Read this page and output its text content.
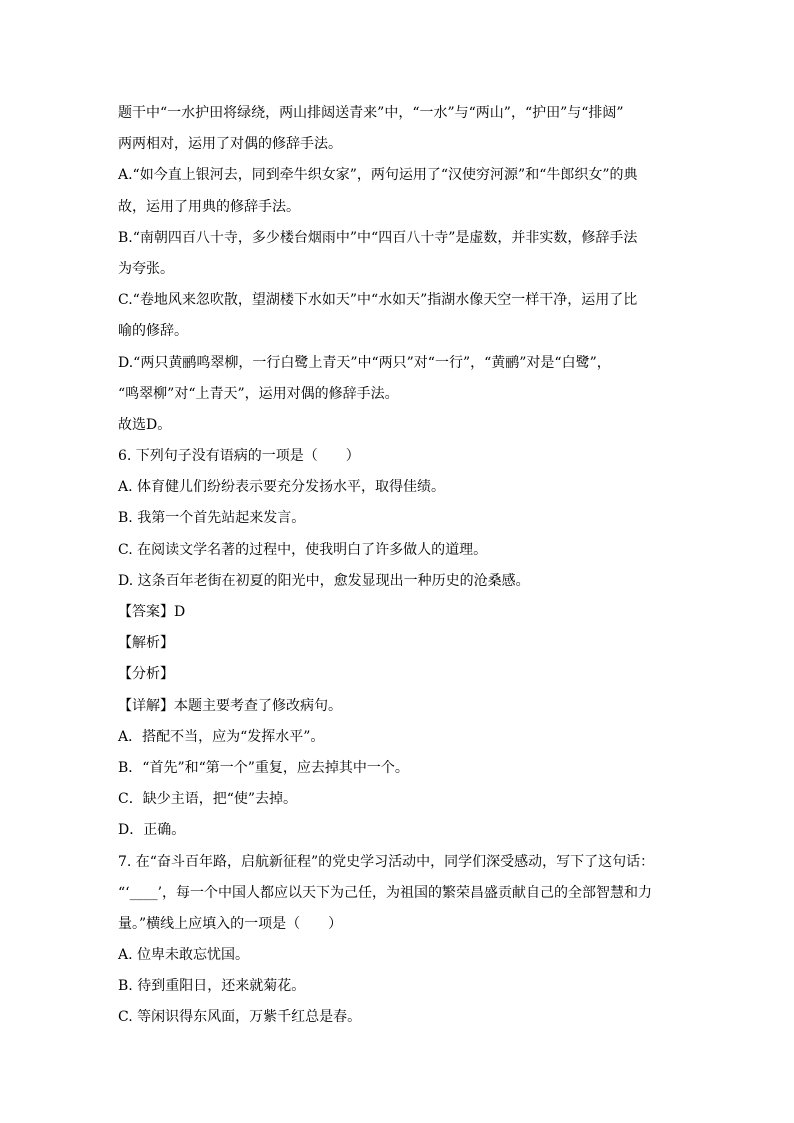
题干中“一水护田将绿绕，两山排闼送青来”中，“一水”与“两山”，“护田”与“排闼”
两两相对，运用了对偶的修辞手法。
A.“如今直上银河去，同到牵牛织女家”，两句运用了“汉使穷河源”和“牛郎织女”的典
故，运用了用典的修辞手法。
B.“南朝四百八十寺，多少楼台烟雨中”中“四百八十寺”是虚数，并非实数，修辞手法
为夸张。
C.“卷地风来忽吹散，望湖楼下水如天”中“水如天”指湖水像天空一样干净，运用了比
喻的修辞。
D.“两只黄鹂鸣翠柳，一行白鹭上青天”中“两只”对“一行”，“黄鹂”对是“白鹭”，
“鸣翠柳”对“上青天”，运用对偶的修辞手法。
故选D。
6. 下列句子没有语病的一项是（　　）
A. 体育健儿们纷纷表示要充分发扬水平，取得佳绩。
B. 我第一个首先站起来发言。
C. 在阅读文学名著的过程中，使我明白了许多做人的道理。
D. 这条百年老街在初夏的阳光中，愈发显现出一种历史的沧桑感。
【答案】D
【解析】
【分析】
【详解】本题主要考查了修改病句。
A．搭配不当，应为“发挥水平”。
B．“首先”和“第一个”重复，应去掉其中一个。
C．缺少主语，把“使”去掉。
D．正确。
7. 在“奋斗百年路，启航新征程”的党史学习活动中，同学们深受感动，写下了这句话：
“‘____’，每一个中国人都应以天下为己任，为祖国的繁荣昌盛贡献自己的全部智慧和力
量。”横线上应填入的一项是（　　）
A. 位卑未敢忘忧国。
B. 待到重阳日，还来就菊花。
C. 等闲识得东风面，万紫千红总是春。
